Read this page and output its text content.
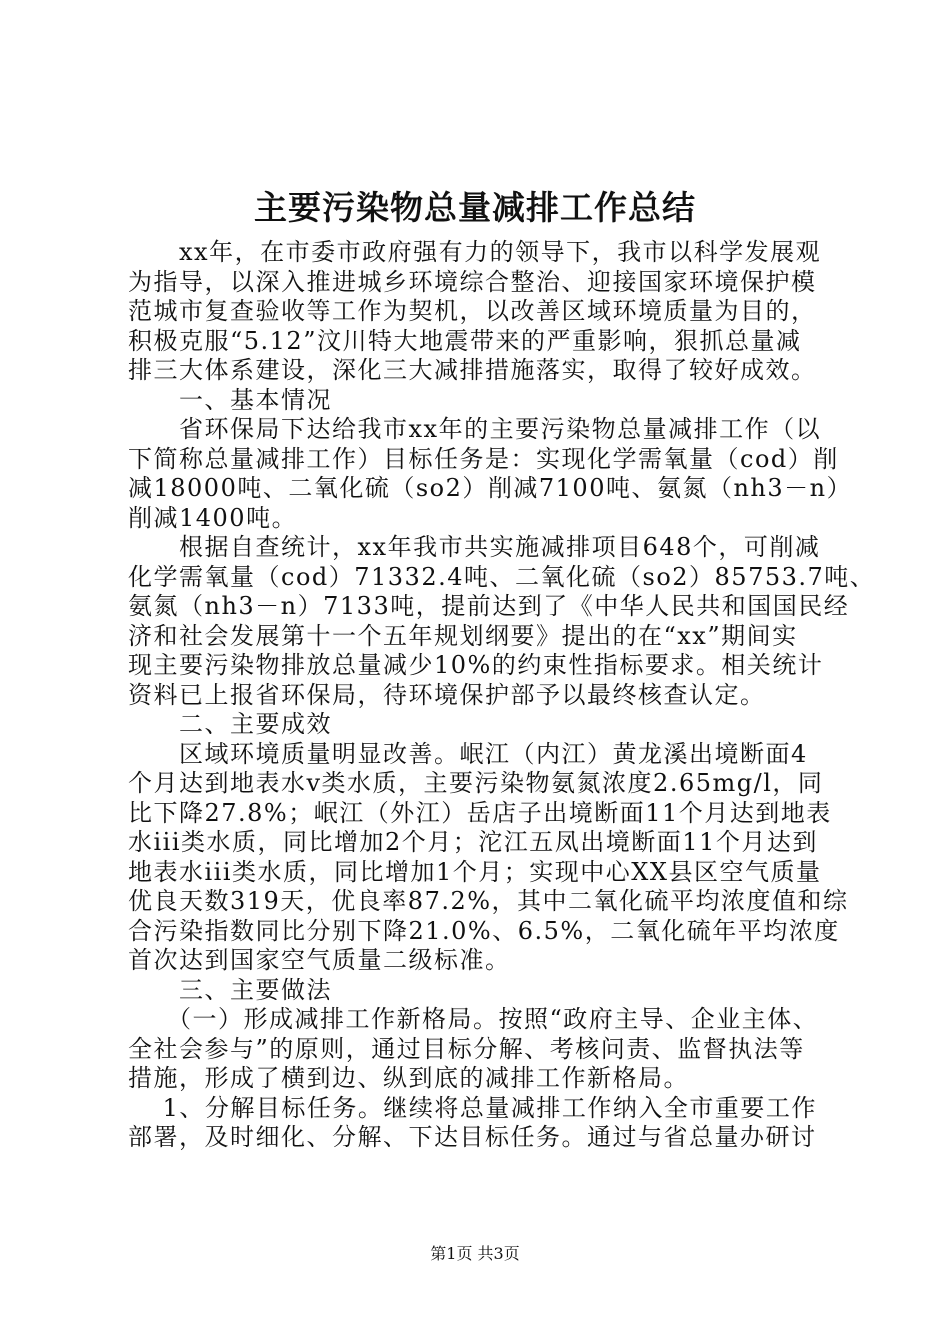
主要污染物总量减排工作总结
　　xx年，在市委市政府强有力的领导下，我市以科学发展观
为指导，以深入推进城乡环境综合整治、迎接国家环境保护模
范城市复查验收等工作为契机，以改善区域环境质量为目的，
积极克服“5.12”汶川特大地震带来的严重影响，狠抓总量减
排三大体系建设，深化三大减排措施落实，取得了较好成效。
　　一、基本情况
　　省环保局下达给我市xx年的主要污染物总量减排工作（以
下简称总量减排工作）目标任务是：实现化学需氧量（cod）削
减18000吨、二氧化硫（so2）削减7100吨、氨氮（nh3－n）
削减1400吨。
　　根据自查统计，xx年我市共实施减排项目648个，可削减
化学需氧量（cod）71332.4吨、二氧化硫（so2）85753.7吨、
氨氮（nh3－n）7133吨，提前达到了《中华人民共和国国民经
济和社会发展第十一个五年规划纲要》提出的在“xx”期间实
现主要污染物排放总量减少10%的约束性指标要求。相关统计
资料已上报省环保局，待环境保护部予以最终核查认定。
　　二、主要成效
　　区域环境质量明显改善。岷江（内江）黄龙溪出境断面4
个月达到地表水v类水质，主要污染物氨氮浓度2.65mg/l，同
比下降27.8%；岷江（外江）岳店子出境断面11个月达到地表
水iii类水质，同比增加2个月；沱江五凤出境断面11个月达到
地表水iii类水质，同比增加1个月；实现中心XX县区空气质量
优良天数319天，优良率87.2%，其中二氧化硫平均浓度值和综
合污染指数同比分别下降21.0%、6.5%，二氧化硫年平均浓度
首次达到国家空气质量二级标准。
　　三、主要做法
　　（一）形成减排工作新格局。按照“政府主导、企业主体、
全社会参与”的原则，通过目标分解、考核问责、监督执法等
措施，形成了横到边、纵到底的减排工作新格局。
　 1、分解目标任务。继续将总量减排工作纳入全市重要工作
部署，及时细化、分解、下达目标任务。通过与省总量办研讨
第1页 共3页
